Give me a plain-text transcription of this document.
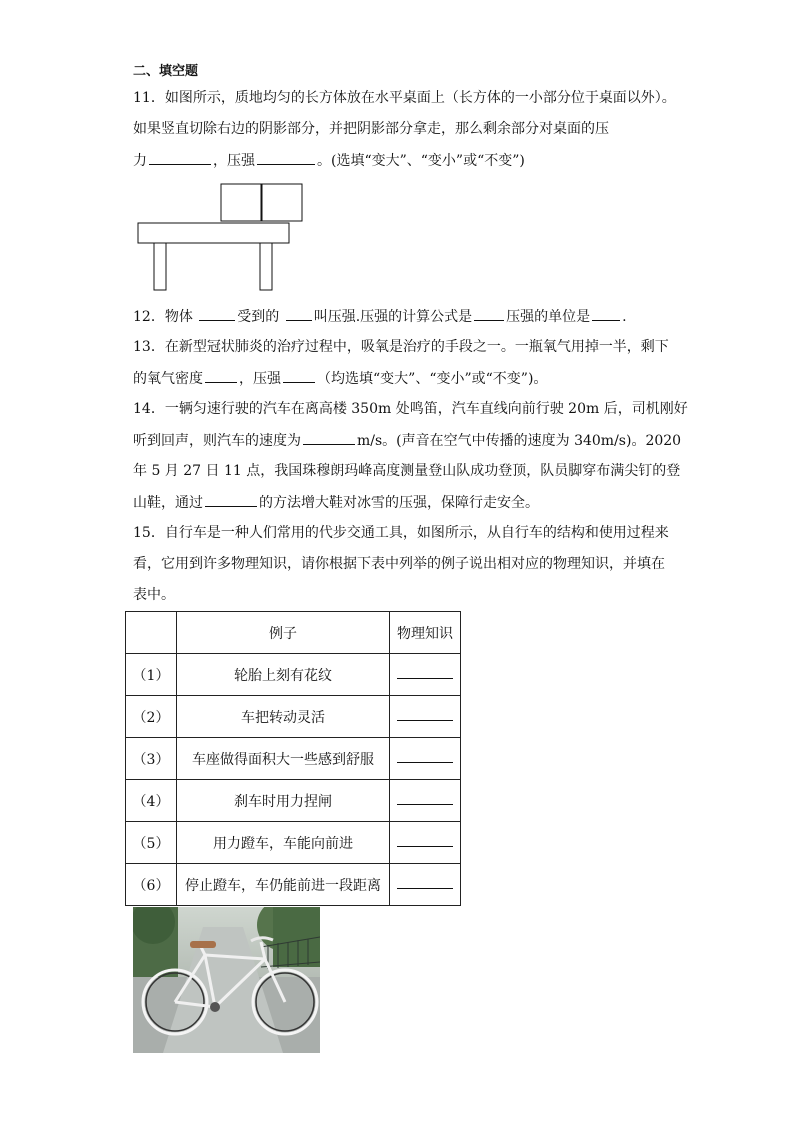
二、填空题
11．如图所示，质地均匀的长方体放在水平桌面上（长方体的一小部分位于桌面以外）。
如果竖直切除右边的阴影部分，并把阴影部分拿走，那么剩余部分对桌面的压
力	，压强	。(选填“变大”、“变小”或“不变”)
12．物体	受到的 叫压强.压强的计算公式是 压强的单位是 .
13．在新型冠状肺炎的治疗过程中，吸氧是治疗的手段之一。一瓶氧气用掉一半，剩下
的氧气密度	，压强	（均选填“变大”、“变小”或“不变”)。
14．一辆匀速行驶的汽车在离高楼 350m 处鸣笛，汽车直线向前行驶 20m 后，司机刚好
听到回声，则汽车的速度为	m/s。(声音在空气中传播的速度为 340m/s)。2020
年 5 月 27 日 11 点，我国珠穆朗玛峰高度测量登山队成功登顶，队员脚穿布满尖钉的登
山鞋，通过	的方法增大鞋对冰雪的压强，保障行走安全。
15．自行车是一种人们常用的代步交通工具，如图所示，从自行车的结构和使用过程来
看，它用到许多物理知识，请你根据下表中列举的例子说出相对应的物理知识，并填在
表中。
	例子	物理知识
（1）	轮胎上刻有花纹	
（2）	车把转动灵活	
（3）	车座做得面积大一些感到舒服	
（4）	刹车时用力捏闸	
（5）	用力蹬车，车能向前进	
（6）	停止蹬车，车仍能前进一段距离	
